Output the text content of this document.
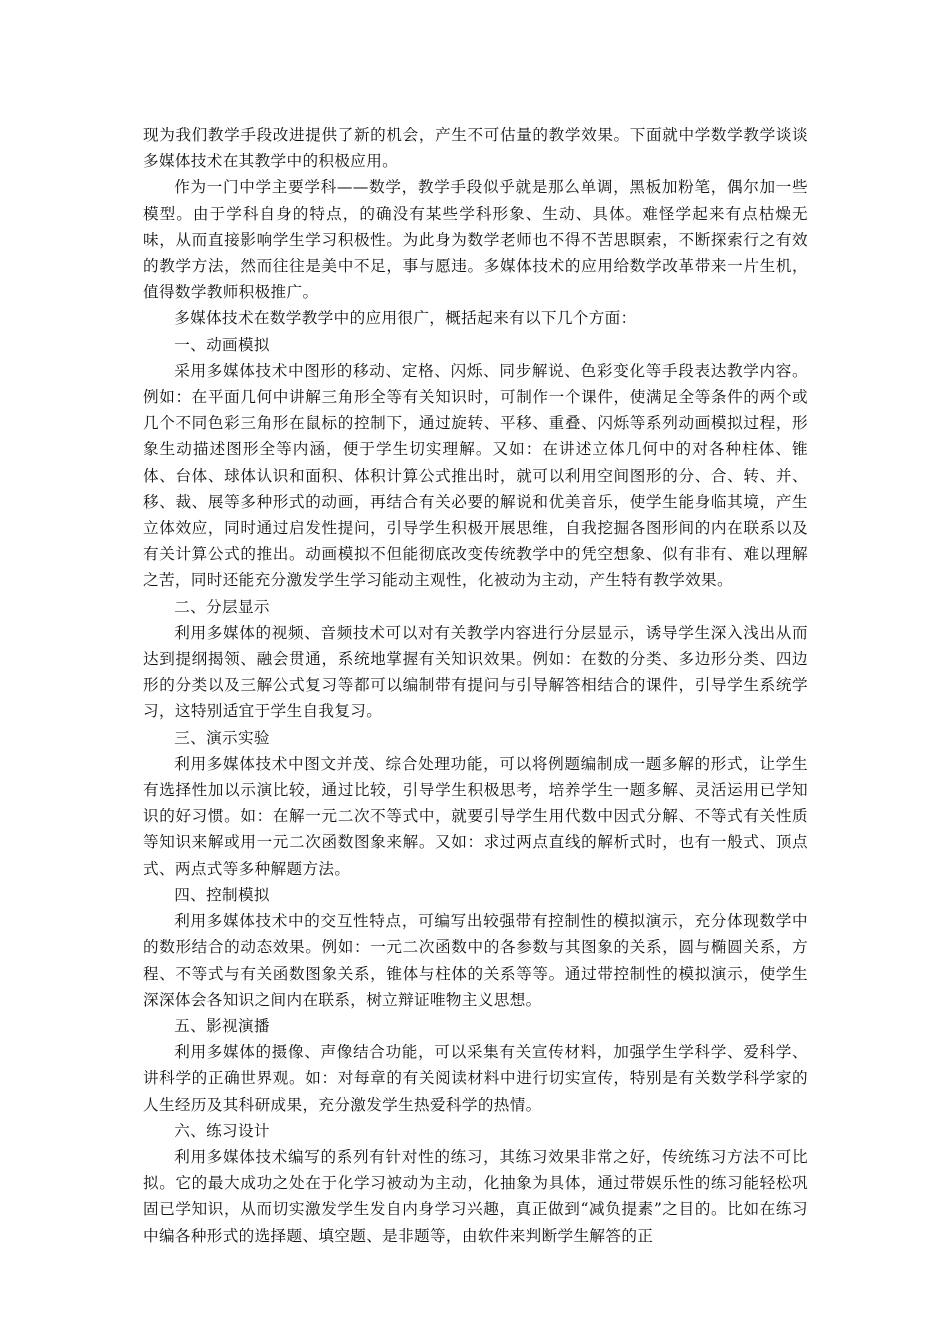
现为我们教学手段改进提供了新的机会，产生不可估量的教学效果。下面就中学数学教学谈谈多媒体技术在其教学中的积极应用。

作为一门中学主要学科——数学，教学手段似乎就是那么单调，黑板加粉笔，偶尔加一些模型。由于学科自身的特点，的确没有某些学科形象、生动、具体。难怪学起来有点枯燥无味，从而直接影响学生学习积极性。为此身为数学老师也不得不苦思瞑索，不断探索行之有效的教学方法，然而往往是美中不足，事与愿违。多媒体技术的应用给数学改革带来一片生机，值得数学教师积极推广。

多媒体技术在数学教学中的应用很广，概括起来有以下几个方面：

一、动画模拟

采用多媒体技术中图形的移动、定格、闪烁、同步解说、色彩变化等手段表达教学内容。例如：在平面几何中讲解三角形全等有关知识时，可制作一个课件，使满足全等条件的两个或几个不同色彩三角形在鼠标的控制下，通过旋转、平移、重叠、闪烁等系列动画模拟过程，形象生动描述图形全等内涵，便于学生切实理解。又如：在讲述立体几何中的对各种柱体、锥体、台体、球体认识和面积、体积计算公式推出时，就可以利用空间图形的分、合、转、并、移、裁、展等多种形式的动画，再结合有关必要的解说和优美音乐，使学生能身临其境，产生立体效应，同时通过启发性提问，引导学生积极开展思维，自我挖掘各图形间的内在联系以及有关计算公式的推出。动画模拟不但能彻底改变传统教学中的凭空想象、似有非有、难以理解之苦，同时还能充分激发学生学习能动主观性，化被动为主动，产生特有教学效果。

二、分层显示

利用多媒体的视频、音频技术可以对有关教学内容进行分层显示，诱导学生深入浅出从而达到提纲揭领、融会贯通，系统地掌握有关知识效果。例如：在数的分类、多边形分类、四边形的分类以及三解公式复习等都可以编制带有提问与引导解答相结合的课件，引导学生系统学习，这特别适宜于学生自我复习。

三、演示实验

利用多媒体技术中图文并茂、综合处理功能，可以将例题编制成一题多解的形式，让学生有选择性加以示演比较，通过比较，引导学生积极思考，培养学生一题多解、灵活运用已学知识的好习惯。如：在解一元二次不等式中，就要引导学生用代数中因式分解、不等式有关性质等知识来解或用一元二次函数图象来解。又如：求过两点直线的解析式时，也有一般式、顶点式、两点式等多种解题方法。

四、控制模拟

利用多媒体技术中的交互性特点，可编写出较强带有控制性的模拟演示，充分体现数学中的数形结合的动态效果。例如：一元二次函数中的各参数与其图象的关系，圆与椭圆关系，方程、不等式与有关函数图象关系，锥体与柱体的关系等等。通过带控制性的模拟演示，使学生深深体会各知识之间内在联系，树立辩证唯物主义思想。

五、影视演播

利用多媒体的摄像、声像结合功能，可以采集有关宣传材料，加强学生学科学、爱科学、讲科学的正确世界观。如：对每章的有关阅读材料中进行切实宣传，特别是有关数学科学家的人生经历及其科研成果，充分激发学生热爱科学的热情。

六、练习设计

利用多媒体技术编写的系列有针对性的练习，其练习效果非常之好，传统练习方法不可比拟。它的最大成功之处在于化学习被动为主动，化抽象为具体，通过带娱乐性的练习能轻松巩固已学知识，从而切实激发学生发自内身学习兴趣，真正做到“减负提素”之目的。比如在练习中编各种形式的选择题、填空题、是非题等，由软件来判断学生解答的正
